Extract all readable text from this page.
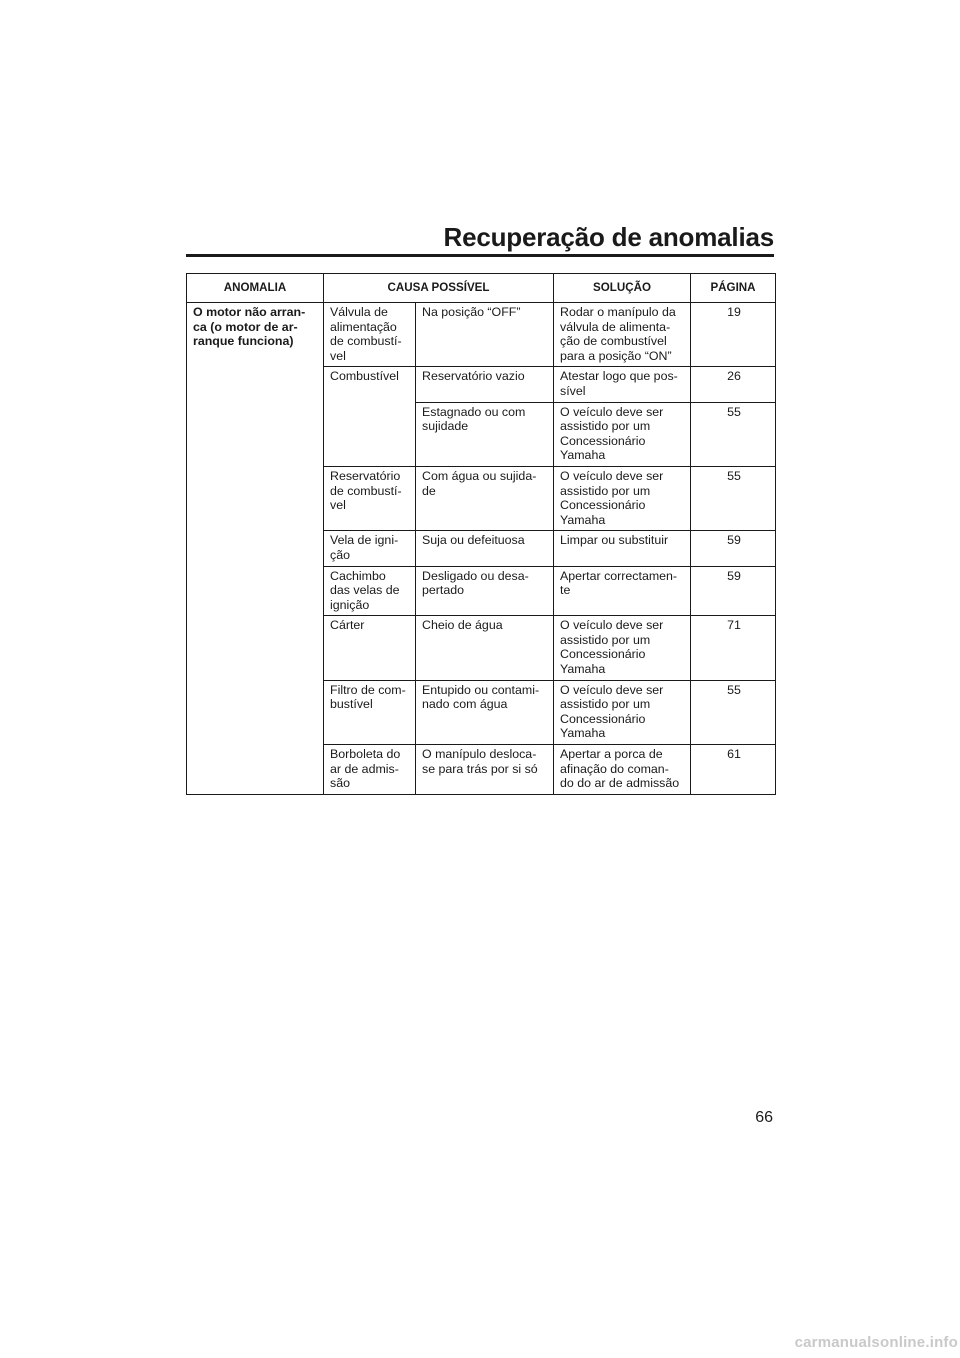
Recuperação de anomalias
ANOMALIA	CAUSA POSSÍVEL		SOLUÇÃO	PÁGINA
O motor não arran-
ca (o motor de ar-
ranque funciona)	Válvula de
alimentação
de combustí-
vel	Na posição “OFF”	Rodar o manípulo da
válvula de alimenta-
ção de combustível
para a posição “ON”	19
	Combustível	Reservatório vazio	Atestar logo que pos-
sível	26
		Estagnado ou com
sujidade	O veículo deve ser
assistido por um
Concessionário
Yamaha	55
	Reservatório
de combustí-
vel	Com água ou sujida-
de	O veículo deve ser
assistido por um
Concessionário
Yamaha	55
	Vela de igni-
ção	Suja ou defeituosa	Limpar ou substituir	59
	Cachimbo
das velas de
ignição	Desligado ou desa-
pertado	Apertar correctamen-
te	59
	Cárter	Cheio de água	O veículo deve ser
assistido por um
Concessionário
Yamaha	71
	Filtro de com-
bustível	Entupido ou contami-
nado com água	O veículo deve ser
assistido por um
Concessionário
Yamaha	55
	Borboleta do
ar de admis-
são	O manípulo desloca-
se para trás por si só	Apertar a porca de
afinação do coman-
do do ar de admissão	61
66
carmanualsonline.info
